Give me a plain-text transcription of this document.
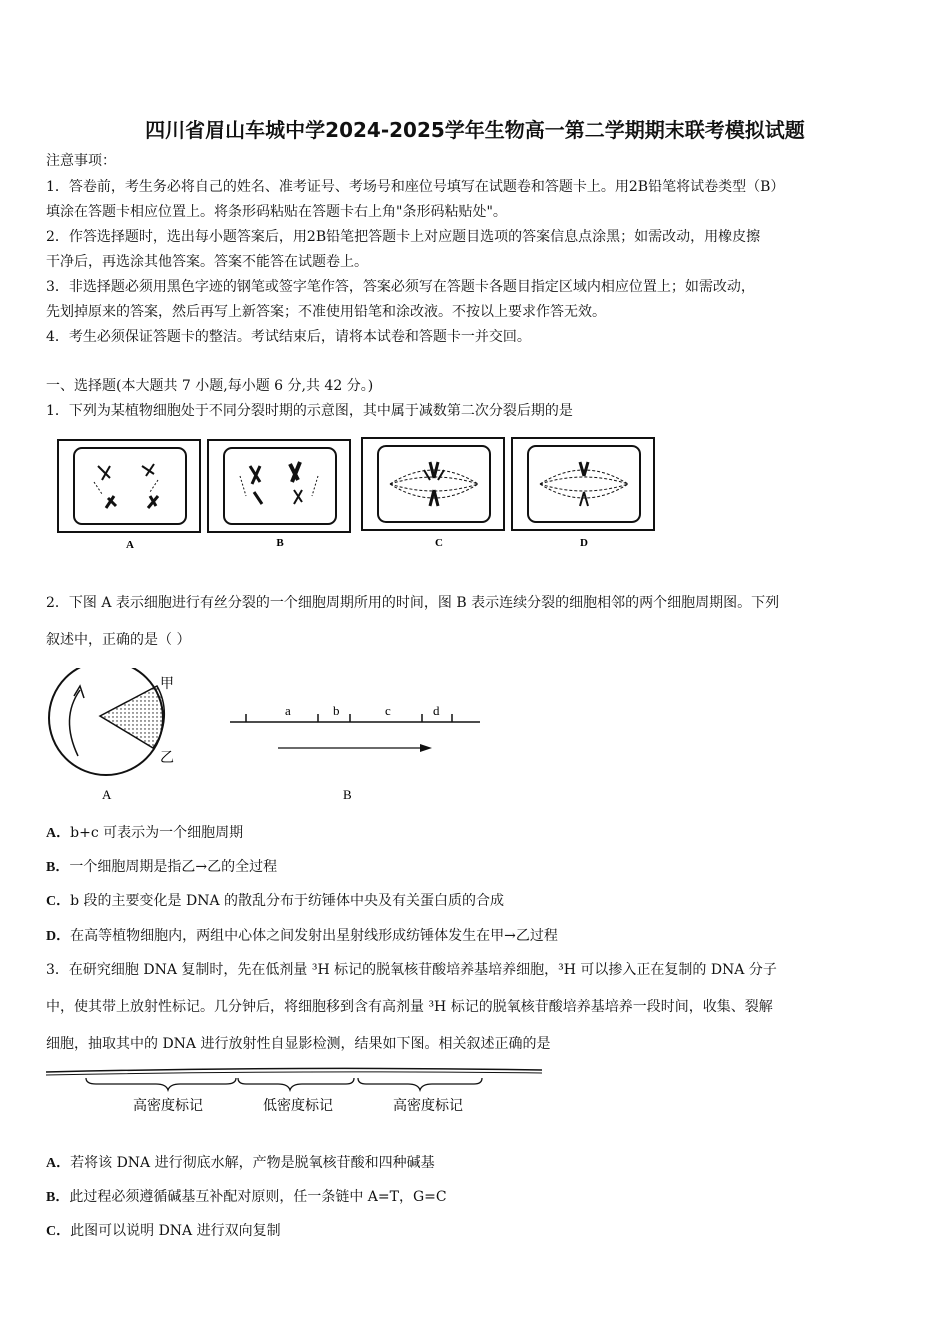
四川省眉山车城中学2024-2025学年生物高一第二学期期末联考模拟试题
注意事项：
1．答卷前，考生务必将自己的姓名、准考证号、考场号和座位号填写在试题卷和答题卡上。用2B铅笔将试卷类型（B）
填涂在答题卡相应位置上。将条形码粘贴在答题卡右上角"条形码粘贴处"。
2．作答选择题时，选出每小题答案后，用2B铅笔把答题卡上对应题目选项的答案信息点涂黑；如需改动，用橡皮擦
干净后，再选涂其他答案。答案不能答在试题卷上。
3．非选择题必须用黑色字迹的钢笔或签字笔作答，答案必须写在答题卡各题目指定区域内相应位置上；如需改动，
先划掉原来的答案，然后再写上新答案；不准使用铅笔和涂改液。不按以上要求作答无效。
4．考生必须保证答题卡的整洁。考试结束后，请将本试卷和答题卡一并交回。
一、选择题(本大题共 7 小题,每小题 6 分,共 42 分。)
1．下列为某植物细胞处于不同分裂时期的示意图，其中属于减数第二次分裂后期的是
A	B	C	D
2．下图 A 表示细胞进行有丝分裂的一个细胞周期所用的时间，图 B 表示连续分裂的细胞相邻的两个细胞周期图。下列
叙述中，正确的是（ ）
甲
乙
A
a	b	c	d
B
A．b+c 可表示为一个细胞周期
B．一个细胞周期是指乙→乙的全过程
C．b 段的主要变化是 DNA 的散乱分布于纺锤体中央及有关蛋白质的合成
D．在高等植物细胞内，两组中心体之间发射出星射线形成纺锤体发生在甲→乙过程
3．在研究细胞 DNA 复制时，先在低剂量 ³H 标记的脱氧核苷酸培养基培养细胞，³H 可以掺入正在复制的 DNA 分子
中，使其带上放射性标记。几分钟后，将细胞移到含有高剂量 ³H 标记的脱氧核苷酸培养基培养一段时间，收集、裂解
细胞，抽取其中的 DNA 进行放射性自显影检测，结果如下图。相关叙述正确的是
高密度标记	低密度标记	高密度标记
A．若将该 DNA 进行彻底水解，产物是脱氧核苷酸和四种碱基
B．此过程必须遵循碱基互补配对原则，任一条链中 A=T，G=C
C．此图可以说明 DNA 进行双向复制
